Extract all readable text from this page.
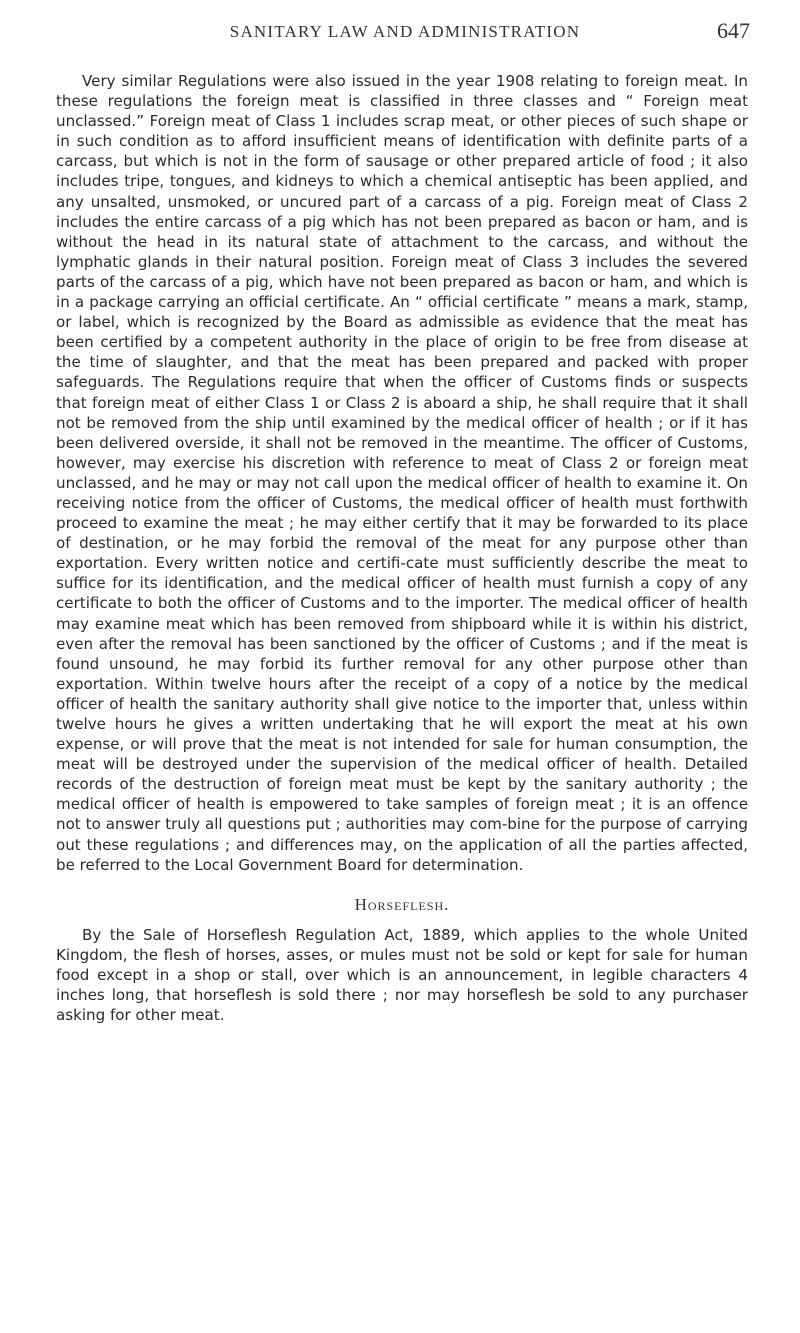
SANITARY LAW AND ADMINISTRATION	647

Very similar Regulations were also issued in the year 1908 relating to foreign meat. In these regulations the foreign meat is classified in three classes and “ Foreign meat unclassed.” Foreign meat of Class 1 includes scrap meat, or other pieces of such shape or in such condition as to afford insufficient means of identification with definite parts of a carcass, but which is not in the form of sausage or other prepared article of food ; it also includes tripe, tongues, and kidneys to which a chemical antiseptic has been applied, and any unsalted, unsmoked, or uncured part of a carcass of a pig. Foreign meat of Class 2 includes the entire carcass of a pig which has not been prepared as bacon or ham, and is without the head in its natural state of attachment to the carcass, and without the lymphatic glands in their natural position. Foreign meat of Class 3 includes the severed parts of the carcass of a pig, which have not been prepared as bacon or ham, and which is in a package carrying an official certificate. An “ official certificate ” means a mark, stamp, or label, which is recognized by the Board as admissible as evidence that the meat has been certified by a competent authority in the place of origin to be free from disease at the time of slaughter, and that the meat has been prepared and packed with proper safeguards. The Regulations require that when the officer of Customs finds or suspects that foreign meat of either Class 1 or Class 2 is aboard a ship, he shall require that it shall not be removed from the ship until examined by the medical officer of health ; or if it has been delivered overside, it shall not be removed in the meantime. The officer of Customs, however, may exercise his discretion with reference to meat of Class 2 or foreign meat unclassed, and he may or may not call upon the medical officer of health to examine it. On receiving notice from the officer of Customs, the medical officer of health must forthwith proceed to examine the meat ; he may either certify that it may be forwarded to its place of destination, or he may forbid the removal of the meat for any purpose other than exportation. Every written notice and certifi-cate must sufficiently describe the meat to suffice for its identification, and the medical officer of health must furnish a copy of any certificate to both the officer of Customs and to the importer. The medical officer of health may examine meat which has been removed from shipboard while it is within his district, even after the removal has been sanctioned by the officer of Customs ; and if the meat is found unsound, he may forbid its further removal for any other purpose other than exportation. Within twelve hours after the receipt of a copy of a notice by the medical officer of health the sanitary authority shall give notice to the importer that, unless within twelve hours he gives a written undertaking that he will export the meat at his own expense, or will prove that the meat is not intended for sale for human consumption, the meat will be destroyed under the supervision of the medical officer of health. Detailed records of the destruction of foreign meat must be kept by the sanitary authority ; the medical officer of health is empowered to take samples of foreign meat ; it is an offence not to answer truly all questions put ; authorities may com-bine for the purpose of carrying out these regulations ; and differences may, on the application of all the parties affected, be referred to the Local Government Board for determination.

Horseflesh.

By the Sale of Horseflesh Regulation Act, 1889, which applies to the whole United Kingdom, the flesh of horses, asses, or mules must not be sold or kept for sale for human food except in a shop or stall, over which is an announcement, in legible characters 4 inches long, that horseflesh is sold there ; nor may horseflesh be sold to any purchaser asking for other meat.
